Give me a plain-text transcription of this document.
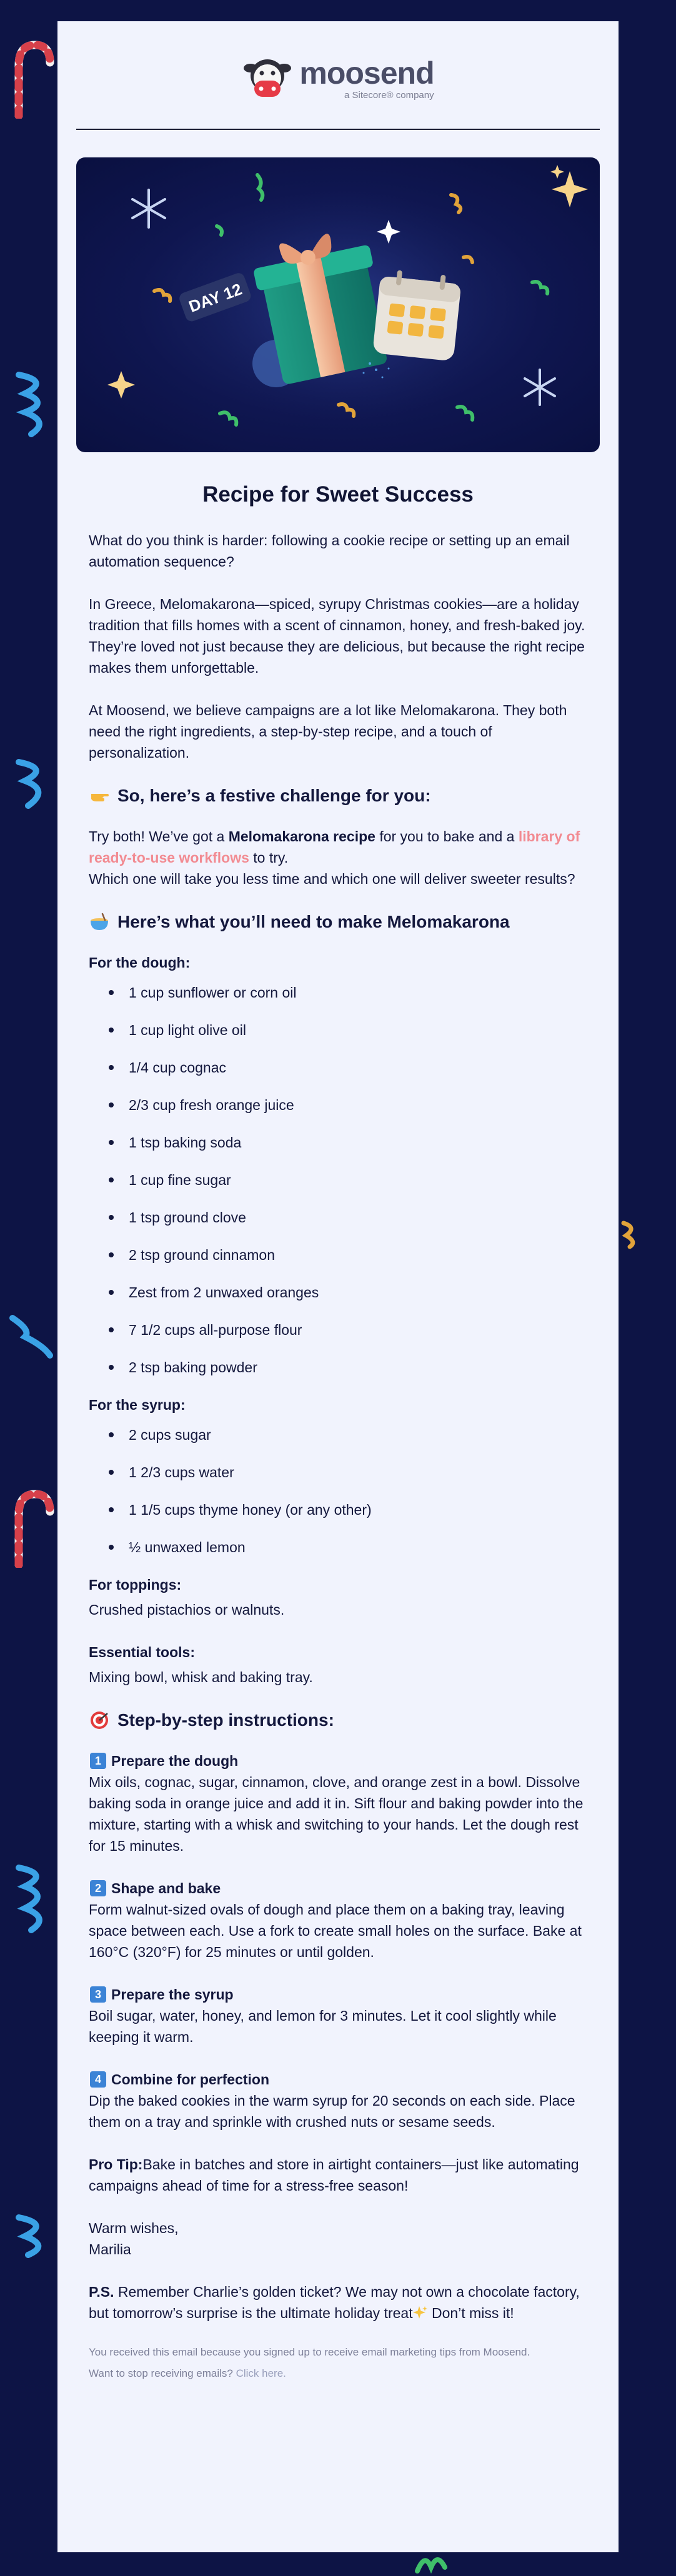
moosend
a Sitecore® company
DAY 12
Recipe for Sweet Success

What do you think is harder: following a cookie recipe or setting up an email automation sequence?

In Greece, Melomakarona—spiced, syrupy Christmas cookies—are a holiday tradition that fills homes with a scent of cinnamon, honey, and fresh-baked joy. They’re loved not just because they are delicious, but because the right recipe makes them unforgettable.

At Moosend, we believe campaigns are a lot like Melomakarona. They both need the right ingredients, a step-by-step recipe, and a touch of personalization.

So, here’s a festive challenge for you:

Try both! We’ve got a Melomakarona recipe for you to bake and a library of ready-to-use workflows to try.

Which one will take you less time and which one will deliver sweeter results?

Here’s what you’ll need to make Melomakarona
For the dough:
1 cup sunflower or corn oil
1 cup light olive oil
1/4 cup cognac
2/3 cup fresh orange juice
1 tsp baking soda
1 cup fine sugar
1 tsp ground clove
2 tsp ground cinnamon
Zest from 2 unwaxed oranges
7 1/2 cups all-purpose flour
2 tsp baking powder
For the syrup:
2 cups sugar
1 2/3 cups water
1 1/5 cups thyme honey (or any other)
½ unwaxed lemon
For toppings:

Crushed pistachios or walnuts.

Essential tools:

Mixing bowl, whisk and baking tray.

Step-by-step instructions:
1 Prepare the dough

Mix oils, cognac, sugar, cinnamon, clove, and orange zest in a bowl. Dissolve baking soda in orange juice and add it in. Sift flour and baking powder into the mixture, starting with a whisk and switching to your hands. Let the dough rest for 15 minutes.

2 Shape and bake

Form walnut-sized ovals of dough and place them on a baking tray, leaving space between each. Use a fork to create small holes on the surface. Bake at 160°C (320°F) for 25 minutes or until golden.

3 Prepare the syrup

Boil sugar, water, honey, and lemon for 3 minutes. Let it cool slightly while keeping it warm.

4 Combine for perfection

Dip the baked cookies in the warm syrup for 20 seconds on each side. Place them on a tray and sprinkle with crushed nuts or sesame seeds.

Pro Tip:Bake in batches and store in airtight containers—just like automating campaigns ahead of time for a stress-free season!

Warm wishes,
Marilia

P.S. Remember Charlie’s golden ticket? We may not own a chocolate factory, but tomorrow’s surprise is the ultimate holiday treat Don’t miss it!

You received this email because you signed up to receive email marketing tips from Moosend.

Want to stop receiving emails? Click here.
